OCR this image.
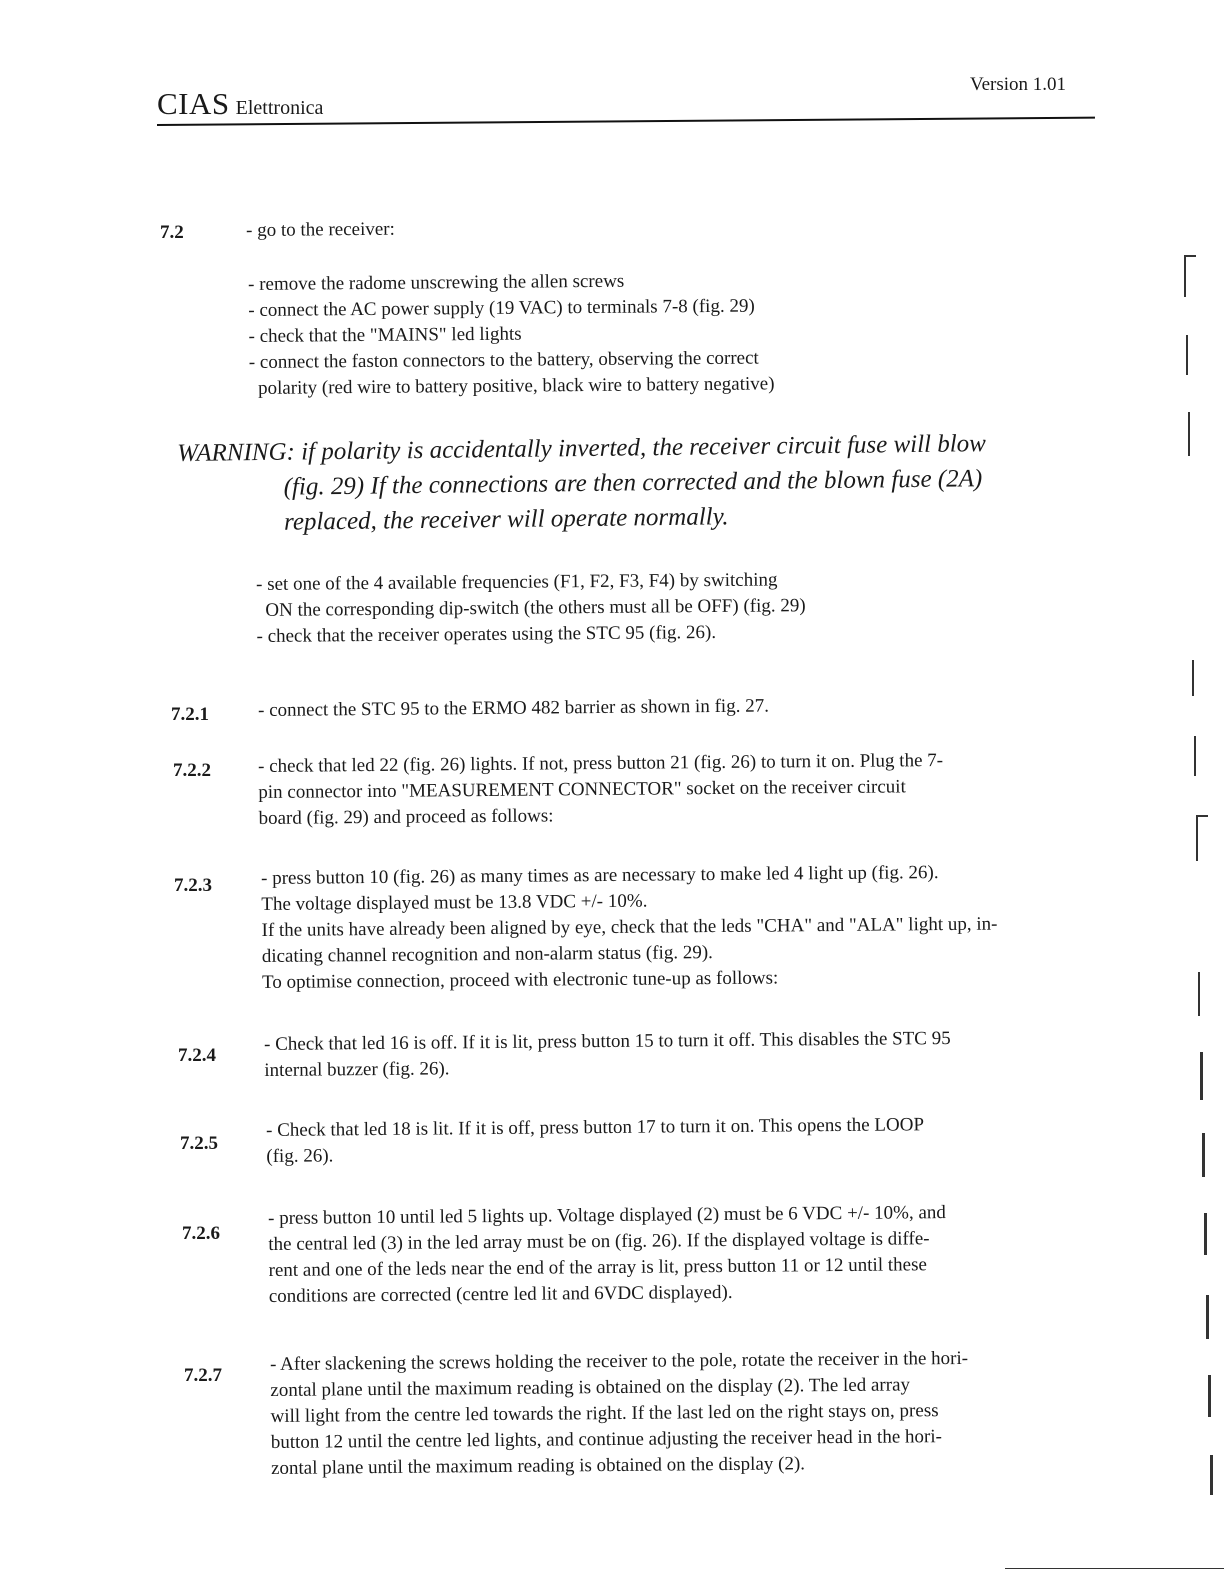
CIAS Elettronica
Version 1.01
7.2	- go to the receiver:
- remove the radome unscrewing the allen screws
- connect the AC power supply (19 VAC) to terminals 7-8 (fig. 29)
- check that the "MAINS" led lights
- connect the faston connectors to the battery, observing the correct
polarity (red wire to battery positive, black wire to battery negative)
WARNING: if polarity is accidentally inverted, the receiver circuit fuse will blow
(fig. 29) If the connections are then corrected and the blown fuse (2A)
replaced, the receiver will operate normally.
- set one of the 4 available frequencies (F1, F2, F3, F4) by switching
ON the corresponding dip-switch (the others must all be OFF) (fig. 29)
- check that the receiver operates using the STC 95 (fig. 26).
7.2.1	- connect the STC 95 to the ERMO 482 barrier as shown in fig. 27.
7.2.2 - check that led 22 (fig. 26) lights. If not, press button 21 (fig. 26) to turn it on. Plug the 7-
pin connector into "MEASUREMENT CONNECTOR" socket on the receiver circuit
board (fig. 29) and proceed as follows:
7.2.3	- press button 10 (fig. 26) as many times as are necessary to make led 4 light up (fig. 26).
The voltage displayed must be 13.8 VDC +/- 10%.
If the units have already been aligned by eye, check that the leds "CHA" and "ALA" light up, in-
dicating channel recognition and non-alarm status (fig. 29).
To optimise connection, proceed with electronic tune-up as follows:
7.2.4
- Check that led 16 is off. If it is lit, press button 15 to turn it off. This disables the STC 95
internal buzzer (fig. 26).
7.2.5
- Check that led 18 is lit. If it is off, press button 17 to turn it on. This opens the LOOP
(fig. 26).
7.2.6
- press button 10 until led 5 lights up. Voltage displayed (2) must be 6 VDC +/- 10%, and
the central led (3) in the led array must be on (fig. 26). If the displayed voltage is diffe-
rent and one of the leds near the end of the array is lit, press button 11 or 12 until these
conditions are corrected (centre led lit and 6VDC displayed).
7.2.7
- After slackening the screws holding the receiver to the pole, rotate the receiver in the hori-
zontal plane until the maximum reading is obtained on the display (2). The led array
will light from the centre led towards the right. If the last led on the right stays on, press
button 12 until the centre led lights, and continue adjusting the receiver head in the hori-
zontal plane until the maximum reading is obtained on the display (2).
